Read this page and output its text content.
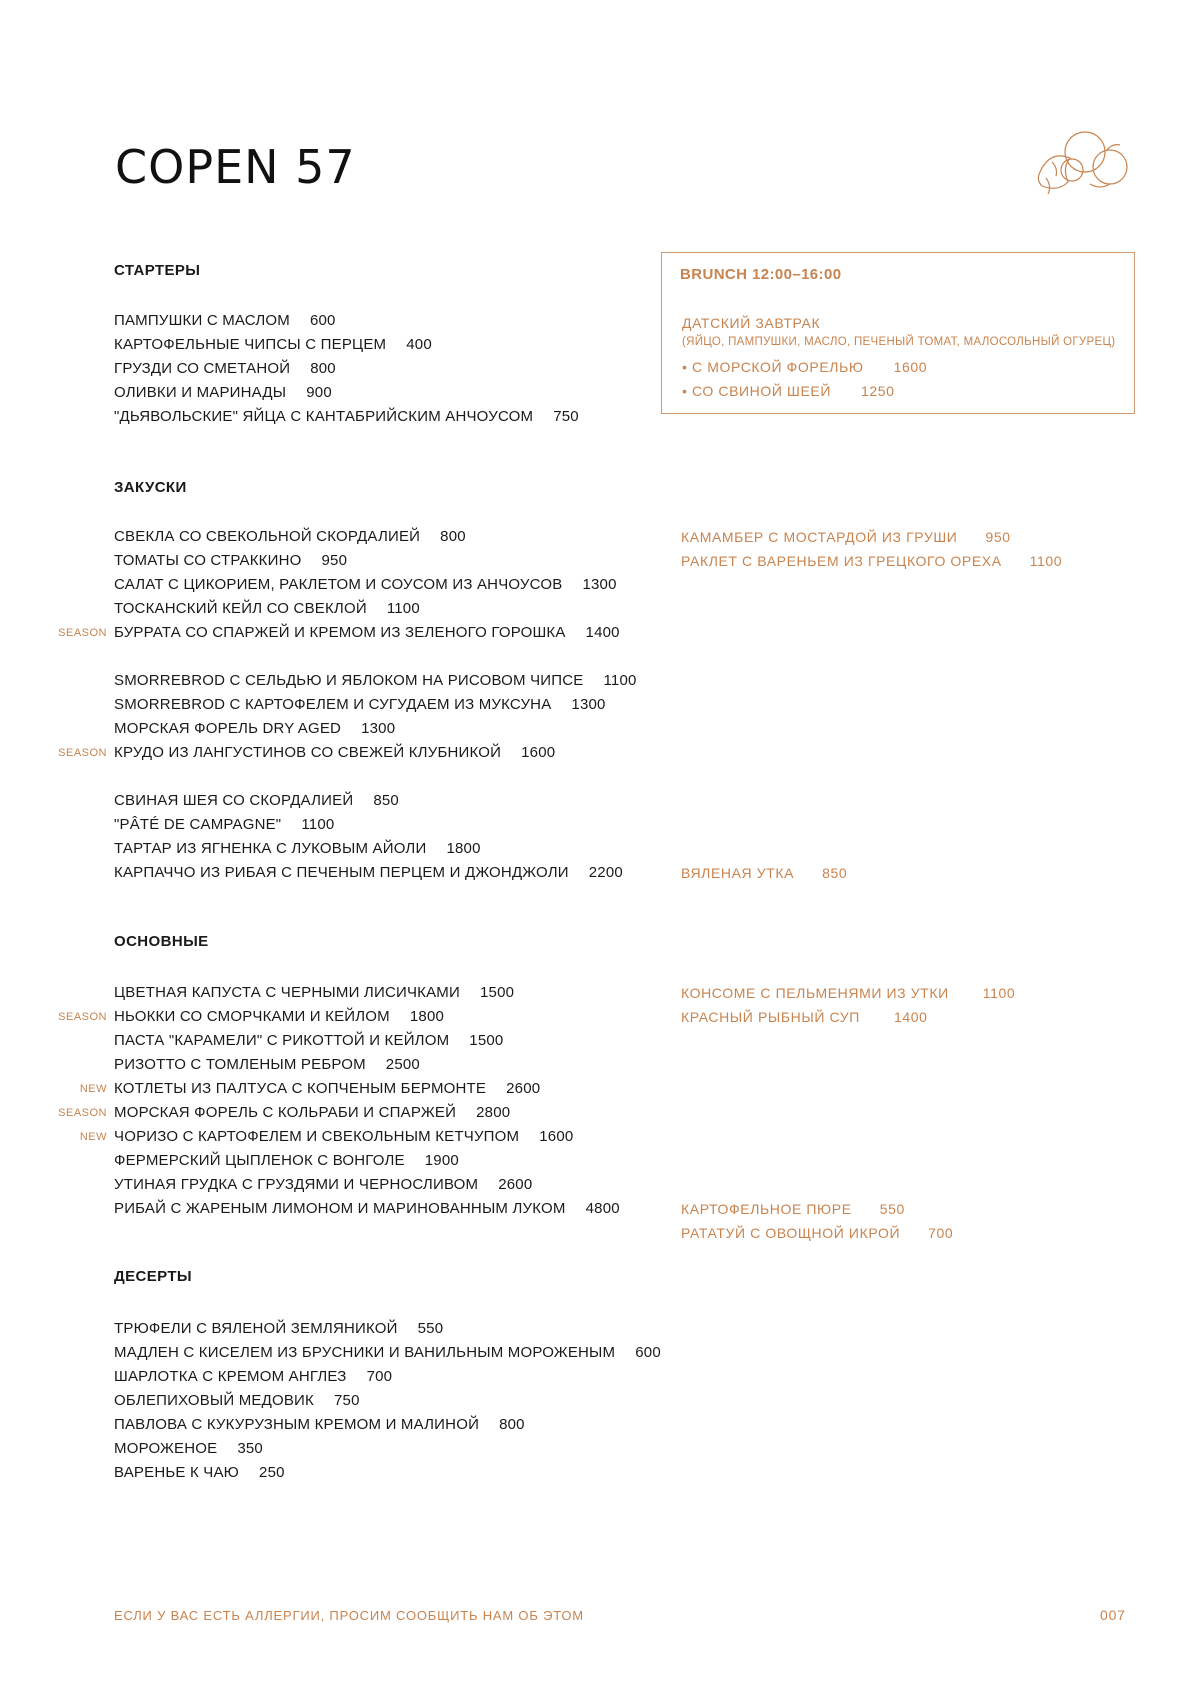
COPEN 57
СТАРТЕРЫ
ПАМПУШКИ С МАСЛОМ 600
КАРТОФЕЛЬНЫЕ ЧИПСЫ С ПЕРЦЕМ 400
ГРУЗДИ СО СМЕТАНОЙ 800
ОЛИВКИ И МАРИНАДЫ 900
"ДЬЯВОЛЬСКИЕ" ЯЙЦА С КАНТАБРИЙСКИМ АНЧОУСОМ 750
BRUNCH 12:00–16:00
ДАТСКИЙ ЗАВТРАК
(ЯЙЦО, ПАМПУШКИ, МАСЛО, ПЕЧЕНЫЙ ТОМАТ, МАЛОСОЛЬНЫЙ ОГУРЕЦ)
• С МОРСКОЙ ФОРЕЛЬЮ 1600
• СО СВИНОЙ ШЕЕЙ 1250
ЗАКУСКИ
СВЕКЛА СО СВЕКОЛЬНОЙ СКОРДАЛИЕЙ 800
ТОМАТЫ СО СТРАККИНО 950
САЛАТ С ЦИКОРИЕМ, РАКЛЕТОМ И СОУСОМ ИЗ АНЧОУСОВ 1300
ТОСКАНСКИЙ КЕЙЛ СО СВЕКЛОЙ 1100
SEASON БУРРАТА СО СПАРЖЕЙ И КРЕМОМ ИЗ ЗЕЛЕНОГО ГОРОШКА 1400
SMORREBROD С СЕЛЬДЬЮ И ЯБЛОКОМ НА РИСОВОМ ЧИПСЕ 1100
SMORREBROD С КАРТОФЕЛЕМ И СУГУДАЕМ ИЗ МУКСУНА 1300
МОРСКАЯ ФОРЕЛЬ DRY AGED 1300
SEASON КРУДО ИЗ ЛАНГУСТИНОВ СО СВЕЖЕЙ КЛУБНИКОЙ 1600
СВИНАЯ ШЕЯ СО СКОРДАЛИЕЙ 850
"PÂTÉ DE CAMPAGNE" 1100
ТАРТАР ИЗ ЯГНЕНКА С ЛУКОВЫМ АЙОЛИ 1800
КАРПАЧЧО ИЗ РИБАЯ С ПЕЧЕНЫМ ПЕРЦЕМ И ДЖОНДЖОЛИ 2200
КАМАМБЕР С МОСТАРДОЙ ИЗ ГРУШИ 950
РАКЛЕТ С ВАРЕНЬЕМ ИЗ ГРЕЦКОГО ОРЕХА 1100
ВЯЛЕНАЯ УТКА 850
ОСНОВНЫЕ
ЦВЕТНАЯ КАПУСТА С ЧЕРНЫМИ ЛИСИЧКАМИ 1500
SEASON НЬОККИ СО СМОРЧКАМИ И КЕЙЛОМ 1800
ПАСТА "КАРАМЕЛИ" С РИКОТТОЙ И КЕЙЛОМ 1500
РИЗОТТО С ТОМЛЕНЫМ РЕБРОМ 2500
NEW КОТЛЕТЫ ИЗ ПАЛТУСА С КОПЧЕНЫМ БЕРМОНТЕ 2600
SEASON МОРСКАЯ ФОРЕЛЬ С КОЛЬРАБИ И СПАРЖЕЙ 2800
NEW ЧОРИЗО С КАРТОФЕЛЕМ И СВЕКОЛЬНЫМ КЕТЧУПОМ 1600
ФЕРМЕРСКИЙ ЦЫПЛЕНОК С ВОНГОЛЕ 1900
УТИНАЯ ГРУДКА С ГРУЗДЯМИ И ЧЕРНОСЛИВОМ 2600
РИБАЙ С ЖАРЕНЫМ ЛИМОНОМ И МАРИНОВАННЫМ ЛУКОМ 4800
КОНСОМЕ С ПЕЛЬМЕНЯМИ ИЗ УТКИ 1100
КРАСНЫЙ РЫБНЫЙ СУП 1400
КАРТОФЕЛЬНОЕ ПЮРЕ 550
РАТАТУЙ С ОВОЩНОЙ ИКРОЙ 700
ДЕСЕРТЫ
ТРЮФЕЛИ С ВЯЛЕНОЙ ЗЕМЛЯНИКОЙ 550
МАДЛЕН С КИСЕЛЕМ ИЗ БРУСНИКИ И ВАНИЛЬНЫМ МОРОЖЕНЫМ 600
ШАРЛОТКА С КРЕМОМ АНГЛЕЗ 700
ОБЛЕПИХОВЫЙ МЕДОВИК 750
ПАВЛОВА С КУКУРУЗНЫМ КРЕМОМ И МАЛИНОЙ 800
МОРОЖЕНОЕ 350
ВАРЕНЬЕ К ЧАЮ 250
ЕСЛИ У ВАС ЕСТЬ АЛЛЕРГИИ, ПРОСИМ СООБЩИТЬ НАМ ОБ ЭТОМ	007
